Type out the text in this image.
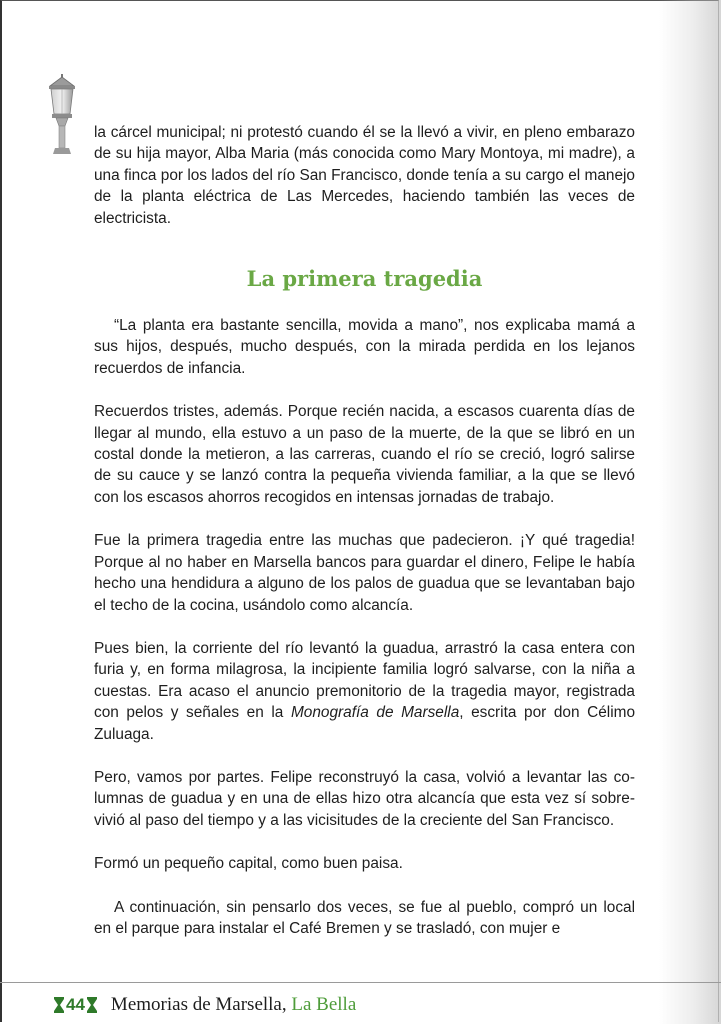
la cárcel municipal; ni protestó cuando él se la llevó a vivir, en pleno embarazo de su hija mayor, Alba Maria (más conocida como Mary Montoya, mi madre), a una finca por los lados del río San Francisco, donde tenía a su cargo el manejo de la planta eléctrica de Las Mercedes, haciendo también las veces de electricista.

La primera tragedia

“La planta era bastante sencilla, movida a mano”, nos explicaba mamá a sus hijos, después, mucho después, con la mirada perdida en los lejanos recuerdos de infancia.

Recuerdos tristes, además. Porque recién nacida, a escasos cuarenta días de llegar al mundo, ella estuvo a un paso de la muerte, de la que se libró en un costal donde la metieron, a las carreras, cuando el río se creció, logró salirse de su cauce y se lanzó contra la pequeña vivienda familiar, a la que se llevó con los escasos ahorros recogidos en intensas jornadas de trabajo.

Fue la primera tragedia entre las muchas que padecieron. ¡Y qué tragedia! Porque al no haber en Marsella bancos para guardar el dinero, Felipe le había hecho una hendidura a alguno de los palos de guadua que se levantaban bajo el techo de la cocina, usándolo como alcancía.

Pues bien, la corriente del río levantó la guadua, arrastró la casa entera con furia y, en forma milagrosa, la incipiente familia logró salvarse, con la niña a cuestas. Era acaso el anuncio premonitorio de la tragedia mayor, registrada con pelos y señales en la Monografía de Marsella, escrita por don Célimo Zuluaga.

Pero, vamos por partes. Felipe reconstruyó la casa, volvió a levantar las columnas de guadua y en una de ellas hizo otra alcancía que esta vez sí sobrevivió al paso del tiempo y a las vicisitudes de la creciente del San Francisco.

Formó un pequeño capital, como buen paisa.

A continuación, sin pensarlo dos veces, se fue al pueblo, compró un local en el parque para instalar el Café Bremen y se trasladó, con mujer e

44 Memorias de Marsella, La Bella
